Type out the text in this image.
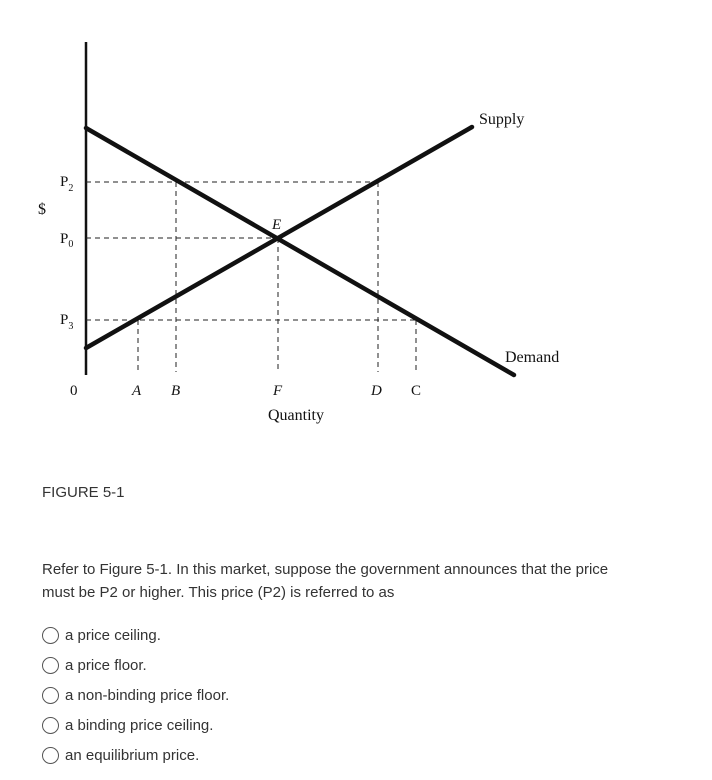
$
$P_2$
$P_0$
$P_3$
0	A B	F	D C
E
Supply
Demand
Quantity
FIGURE 5-1
Refer to Figure 5-1. In this market, suppose the government announces that the price must be P2 or higher. This price (P2) is referred to as
a price ceiling.
a price floor.
a non-binding price floor.
a binding price ceiling.
an equilibrium price.
